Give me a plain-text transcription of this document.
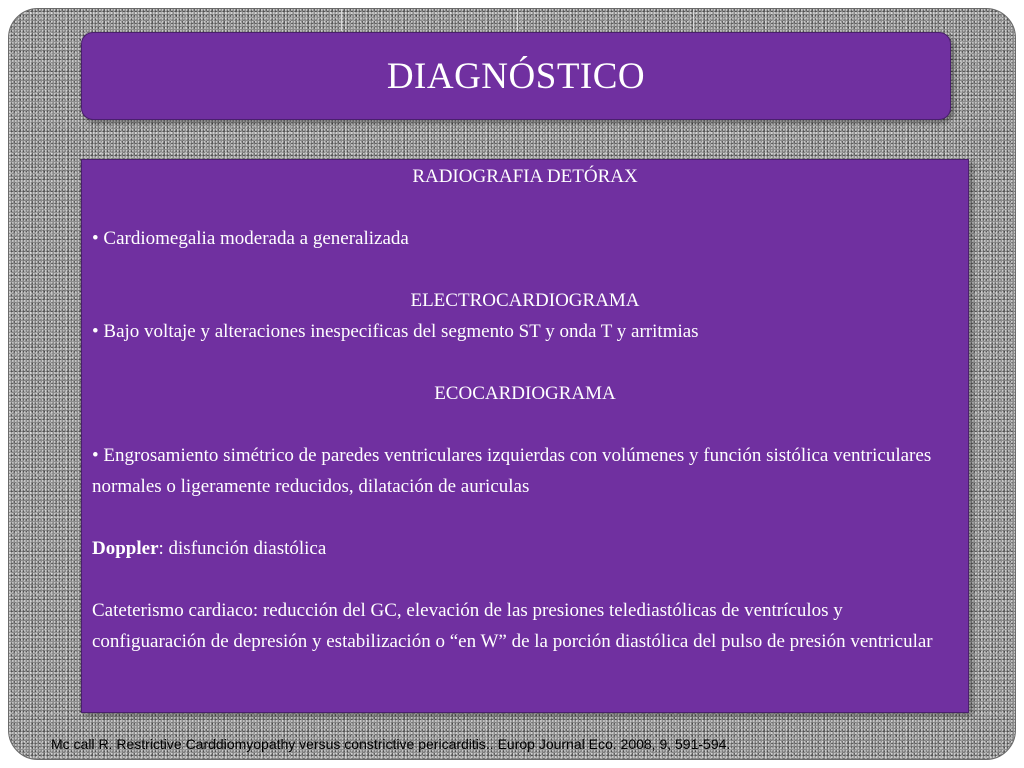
DIAGNÓSTICO

RADIOGRAFIA DETÓRAX

• Cardiomegalia moderada a generalizada

ELECTROCARDIOGRAMA

• Bajo voltaje y alteraciones inespecificas del segmento ST y onda T y arritmias

ECOCARDIOGRAMA

• Engrosamiento simétrico de paredes ventriculares izquierdas con volúmenes y función sistólica ventriculares normales o ligeramente reducidos, dilatación de auriculas

Doppler: disfunción diastólica

Cateterismo cardiaco: reducción del GC, elevación de las presiones telediastólicas de ventrículos y configuaración de depresión y estabilización o “en W” de la porción diastólica del pulso de presión ventricular

Mc call R. Restrictive Carddiomyopathy versus constrictive pericarditis.. Europ Journal Eco. 2008, 9, 591-594.
